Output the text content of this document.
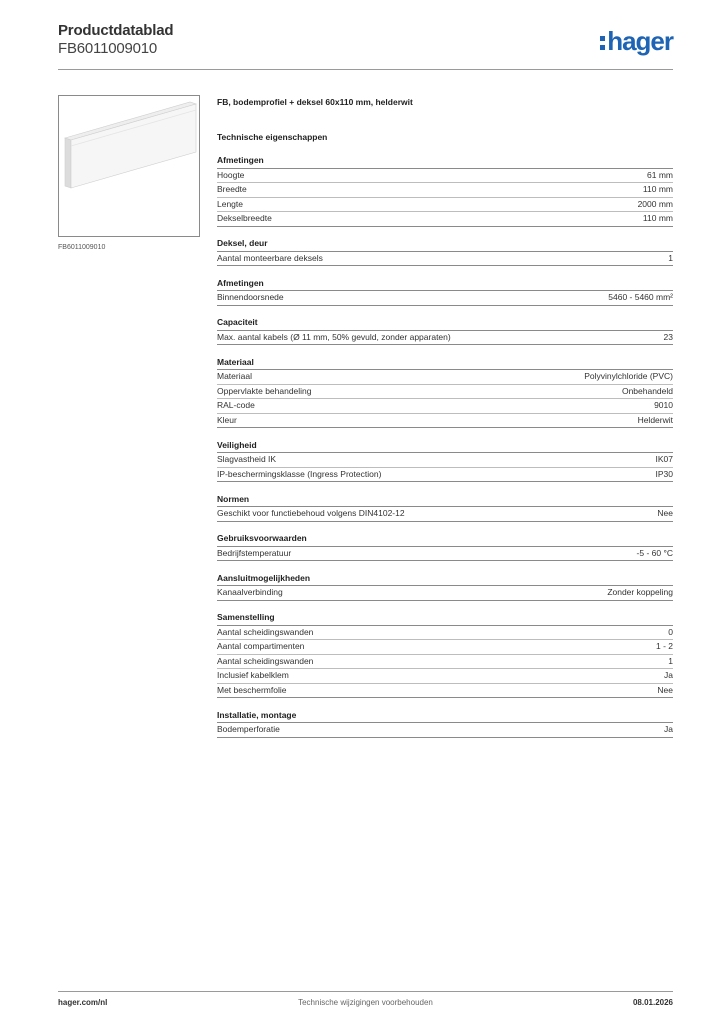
Productdatablad
FB6011009010	hager
FB6011009010
FB, bodemprofiel + deksel 60x110 mm, helderwit
Technische eigenschappen
Afmetingen
Hoogte	61 mm
Breedte	110 mm
Lengte	2000 mm
Dekselbreedte	110 mm
Deksel, deur
Aantal monteerbare deksels	1
Afmetingen
Binnendoorsnede	5460 - 5460 mm²
Capaciteit
Max. aantal kabels (Ø 11 mm, 50% gevuld, zonder apparaten)	23
Materiaal
Materiaal	Polyvinylchloride (PVC)
Oppervlakte behandeling	Onbehandeld
RAL-code	9010
Kleur	Helderwit
Veiligheid
Slagvastheid IK	IK07
IP-beschermingsklasse (Ingress Protection)	IP30
Normen
Geschikt voor functiebehoud volgens DIN4102-12	Nee
Gebruiksvoorwaarden
Bedrijfstemperatuur	-5 - 60 °C
Aansluitmogelijkheden
Kanaalverbinding	Zonder koppeling
Samenstelling
Aantal scheidingswanden	0
Aantal compartimenten	1 - 2
Aantal scheidingswanden	1
Inclusief kabelklem	Ja
Met beschermfolie	Nee
Installatie, montage
Bodemperforatie	Ja
hager.com/nl	Technische wijzigingen voorbehouden	08.01.2026
